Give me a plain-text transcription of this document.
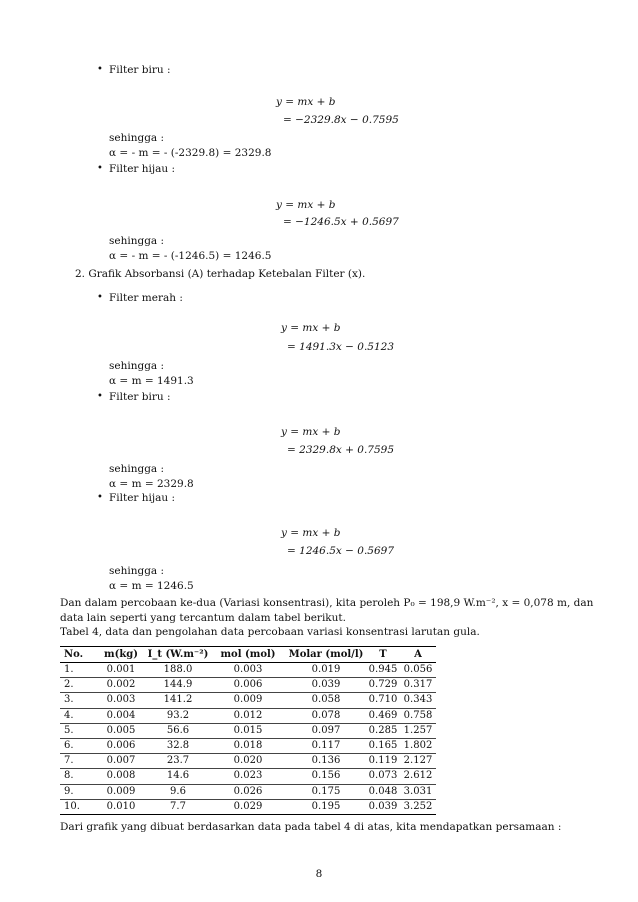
• Filter biru :
y = mx + b
= −2329.8x − 0.7595
sehingga :
α = - m = - (-2329.8) = 2329.8
• Filter hijau :
y = mx + b
= −1246.5x + 0.5697
sehingga :
α = - m = - (-1246.5) = 1246.5
2. Grafik Absorbansi (A) terhadap Ketebalan Filter (x).
• Filter merah :
y = mx + b
= 1491.3x − 0.5123
sehingga :
α = m = 1491.3
• Filter biru :
y = mx + b
= 2329.8x + 0.7595
sehingga :
α = m = 2329.8
• Filter hijau :
y = mx + b
= 1246.5x − 0.5697
sehingga :
α = m = 1246.5
Dan dalam percobaan ke-dua (Variasi konsentrasi), kita peroleh P₀ = 198,9 W.m⁻², x = 0,078 m, dan
data lain seperti yang tercantum dalam tabel berikut.
Tabel 4, data dan pengolahan data percobaan variasi konsentrasi larutan gula.
No.	m(kg)	I_t (W.m⁻²)	mol (mol)	Molar (mol/l)	T	A
1.	0.001	188.0	0.003	0.019	0.945	0.056
2.	0.002	144.9	0.006	0.039	0.729	0.317
3.	0.003	141.2	0.009	0.058	0.710	0.343
4.	0.004	93.2	0.012	0.078	0.469	0.758
5.	0.005	56.6	0.015	0.097	0.285	1.257
6.	0.006	32.8	0.018	0.117	0.165	1.802
7.	0.007	23.7	0.020	0.136	0.119	2.127
8.	0.008	14.6	0.023	0.156	0.073	2.612
9.	0.009	9.6	0.026	0.175	0.048	3.031
10.	0.010	7.7	0.029	0.195	0.039	3.252
Dari grafik yang dibuat berdasarkan data pada tabel 4 di atas, kita mendapatkan persamaan :
8
